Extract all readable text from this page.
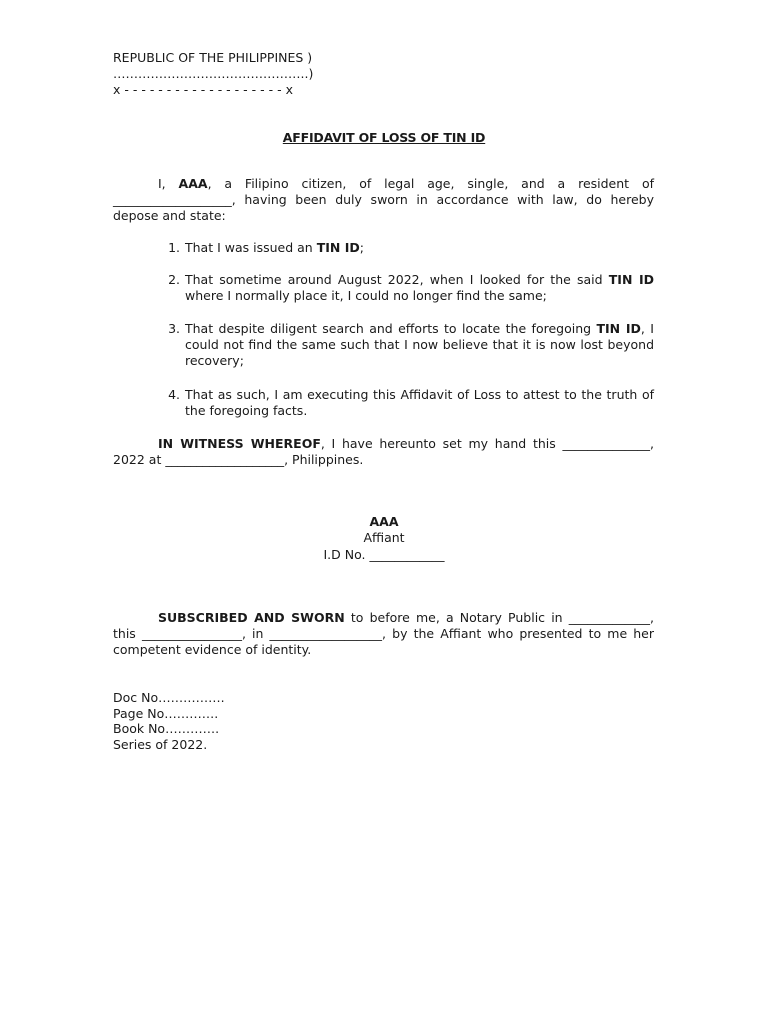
REPUBLIC OF THE PHILIPPINES )
………………………………………..)
x - - - - - - - - - - - - - - - - - - - x
AFFIDAVIT OF LOSS OF TIN ID
I, AAA, a Filipino citizen, of legal age, single, and a resident of ___________________, having been duly sworn in accordance with law, do hereby depose and state:
1. That I was issued an TIN ID;
2. That sometime around August 2022, when I looked for the said TIN ID where I normally place it, I could no longer find the same;
3. That despite diligent search and efforts to locate the foregoing TIN ID, I could not find the same such that I now believe that it is now lost beyond recovery;
4. That as such, I am executing this Affidavit of Loss to attest to the truth of the foregoing facts.
IN WITNESS WHEREOF, I have hereunto set my hand this ______________, 2022 at ___________________, Philippines.
AAA
Affiant
I.D No. ____________
SUBSCRIBED AND SWORN to before me, a Notary Public in _____________, this ________________, in __________________, by the Affiant who presented to me her competent evidence of identity.
Doc No…………….
Page No………….
Book No………….
Series of 2022.
